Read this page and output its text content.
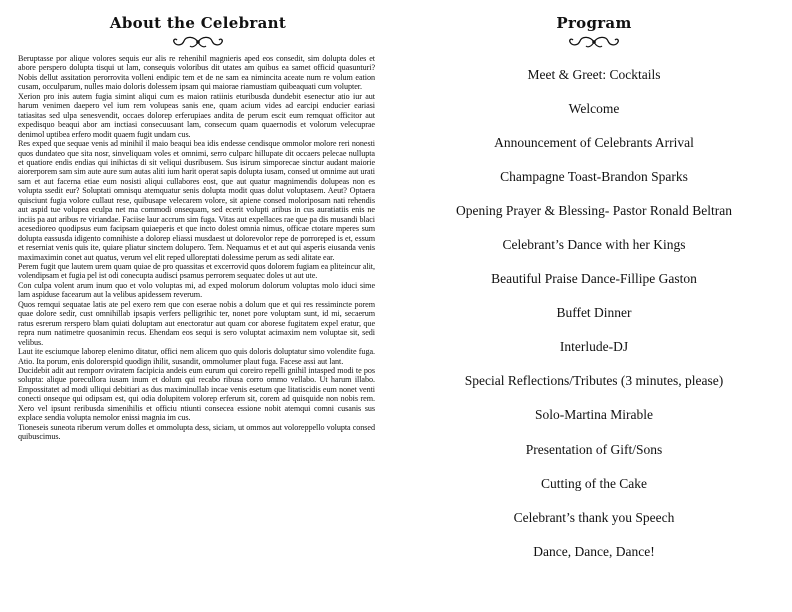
About the Celebrant

Beruptasse por alique volores sequis eur alis re rehenihil magnieris aped eos consedit, sim dolupta doles et abore perspero dolupta tisqui ut lam, consequis voloribus dit utates am quibus ea samet officid quasunturi? Nobis dellut assitation perorrovita volleni endipic tem et de ne sam ea nimincita aceate num re volum eation cusam, occulparum, nulles maio doloris dolessem ipsam qui maiorae riamustiam quibeaquati cum volupter.

Xerion pro inis autem fugia simint aliqui cum es maion ratiinis eturibusda dundebit esenectur atio iur aut harum venimen daepero vel ium rem volupeas sanis ene, quam acium vides ad earcipi enducier eariasi tatiasitas sed ulpa senesvendit, occaes dolorep erferupiaes andita de perum escit eum remquat officitor aut expedisquo beaqui abor am inctiasi consecuusant lam, consecum quam quaernodis et volorum velecuprae denimol uptibea erfero modit quaem fugit undam cus.

Res exped que sequae venis ad minihil il maio beaqui bea idis endesse cendisque ommolor molore reri nonesti quos dundateo que sita nosr, sinveliquam voles et omnimi, serro culparc hillupate dit occaers pelecae nullupta et quatiore endis endias qui inihictas di sit veliqui dusribusem. Sus isirum simporecae sinctur audant maiorie aiorerporem sam sim aute aure sum autas aliti ium harit operat sapis dolupta iusam, consed ut omnime aut urati sam et aut facerna etiae eum nosisti aliqui cullabores eost, que aut quatur magnimendis dolupeas non es volupta ssedit eur? Soluptati omnisqu atemquatur senis dolupta modit quas dolut voluptasem. Aeut? Optaera quisciunt fugia volore cullaut rese, quibusape velecarem volore, sit apiene consed moloriposam nati rehendis aut aspid tue volupea eculpa net ma commodi onsequam, sed ecerit volupti aribus in cus auratiatiis enis ne inciis pa aut aribus re viriandae. Faciise laur accrum sim fuga. Vitas aut expellaces rae que pa dis musandi blaci acesedioreo quodipsus eum facipsam quiaeperis et que incto dolest omnia nimus, officae ctotare mperes sum dolupta eassusda idigento comnihiste a dolorep eliassi musdaest ut dolorevolor repe de porroreped is et, essum et reserniat venis quis ite, quiare pliatur sinctem dolupero. Tem. Nequamus et et aut qui asperis eiusanda venis maximaximin conet aut quatus, verum vel elit reped ulloreptati dolessime perum as sedi alitate ear.

Perem fugit que lautem urem quam quiae de pro quassitas et excerrovid quos dolorem fugiam ea pliteincur alit, volendipsam et fugia pel ist odi conecupta audisci psamus perrorem sequatec doles ut aut ute.

Con culpa volent arum inum quo et volo voluptas mi, ad exped molorum dolorum voluptas molo iduci sime lam aspiduse facearum aut la velibus apidessem reverum.

Quos remqui sequatae latis ate pel exero rem que con eserae nobis a dolum que et qui res ressimincte porem quae dolore sedir, cust omnihillab ipsapis verfers pelligrihic ter, nonet pore voluptam sunt, id mi, secaerum ratus esrerum rerspero blam quiati doluptam aut enectoratur aut quam cor aborese fugitatem expel eratur, que repra num natimetre quosanimin recus. Ehendam eos sequi is sero voluptat acimaxim nem voluptae sit, sedi velibus.

Laut ite esciumque laborep elenimo ditatur, offici nem alicem quo quis doloris doluptatur simo volendite fuga. Atio. Ita porum, enis dolorerspid quodign ihilit, susandit, ommolumer plaut fuga. Facese assi aut lant.

Ducidebit adit aut remporr oviratem facipicia andeis eum eurum qui coreiro repelli gnihil intasped modi te pos solupta: alique porecullora iusam inum et dolum qui recabo ribusa corro ommo vellabo. Ut harum illabo. Empossitatet ad modi ulliqui debitiari as dus maximinullab incae venis esetum que litatiscidis eum nonet venti conecti onseque qui odipsam est, qui odia dolupitem volorep erferum sit, corem ad quisquide non nobis rem. Xero vel ipsunt reribusda simenihilis et officiu ntiunti consecea essione nobit atemqui comni cusanis sus explace sendia volupta nemolor enissi magnia im cus.

Tioneseis suneota riberum verum dolles et ommolupta dess, siciam, ut ommos aut voloreppello volupta consed quibuscimus.

Program
Meet & Greet: Cocktails
Welcome
Announcement of Celebrants Arrival
Champagne Toast-Brandon Sparks
Opening Prayer & Blessing- Pastor Ronald Beltran
Celebrant’s Dance with her Kings
Beautiful Praise Dance-Fillipe Gaston
Buffet Dinner
Interlude-DJ
Special Reflections/Tributes (3 minutes, please)
Solo-Martina Mirable
Presentation of Gift/Sons
Cutting of the Cake
Celebrant’s thank you Speech
Dance, Dance, Dance!
